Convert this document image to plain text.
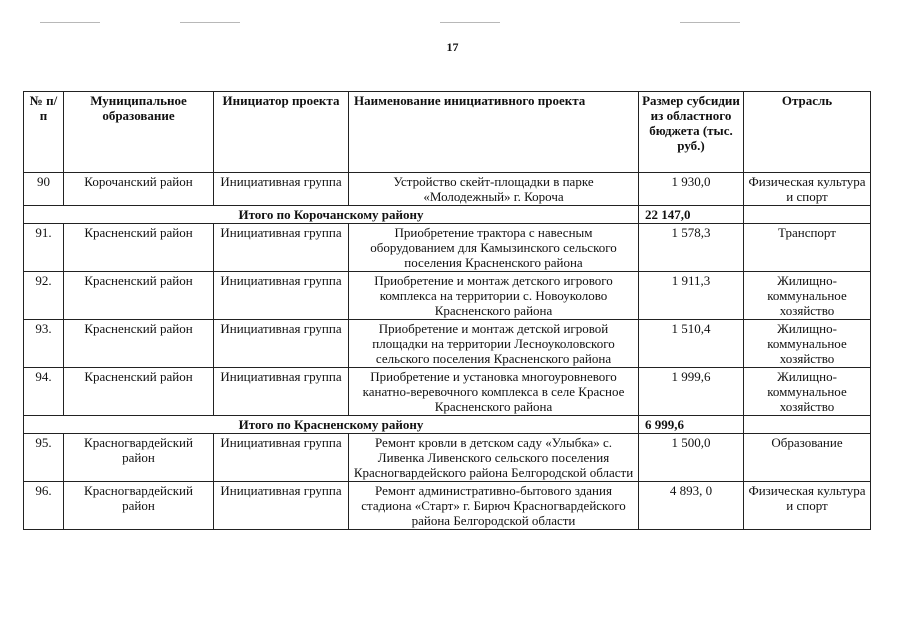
17
№ п/п	Муниципальное образование	Инициатор проекта	Наименование инициативного проекта	Размер субсидии из областного бюджета (тыс. руб.)	Отрасль
90	Корочанский район	Инициативная группа	Устройство скейт-площадки в парке «Молодежный» г. Короча	1 930,0	Физическая культура и спорт
Итого по Корочанскому району				22 147,0	
91.	Красненский район	Инициативная группа	Приобретение трактора с навесным оборудованием для Камызинского сельского поселения Красненского района	1 578,3	Транспорт
92.	Красненский район	Инициативная группа	Приобретение и монтаж детского игрового комплекса на территории с. Новоуколово Красненского района	1 911,3	Жилищно-коммунальное хозяйство
93.	Красненский район	Инициативная группа	Приобретение и монтаж детской игровой площадки на территории Лесноуколовского сельского поселения Красненского района	1 510,4	Жилищно-коммунальное хозяйство
94.	Красненский район	Инициативная группа	Приобретение и установка многоуровневого канатно-веревочного комплекса в селе Красное Красненского района	1 999,6	Жилищно-коммунальное хозяйство
Итого по Красненскому району				6 999,6	
95.	Красногвардейский район	Инициативная группа	Ремонт кровли в детском саду «Улыбка» с. Ливенка Ливенского сельского поселения Красногвардейского района Белгородской области	1 500,0	Образование
96.	Красногвардейский район	Инициативная группа	Ремонт административно-бытового здания стадиона «Старт» г. Бирюч Красногвардейского района Белгородской области	4 893, 0	Физическая культура и спорт
